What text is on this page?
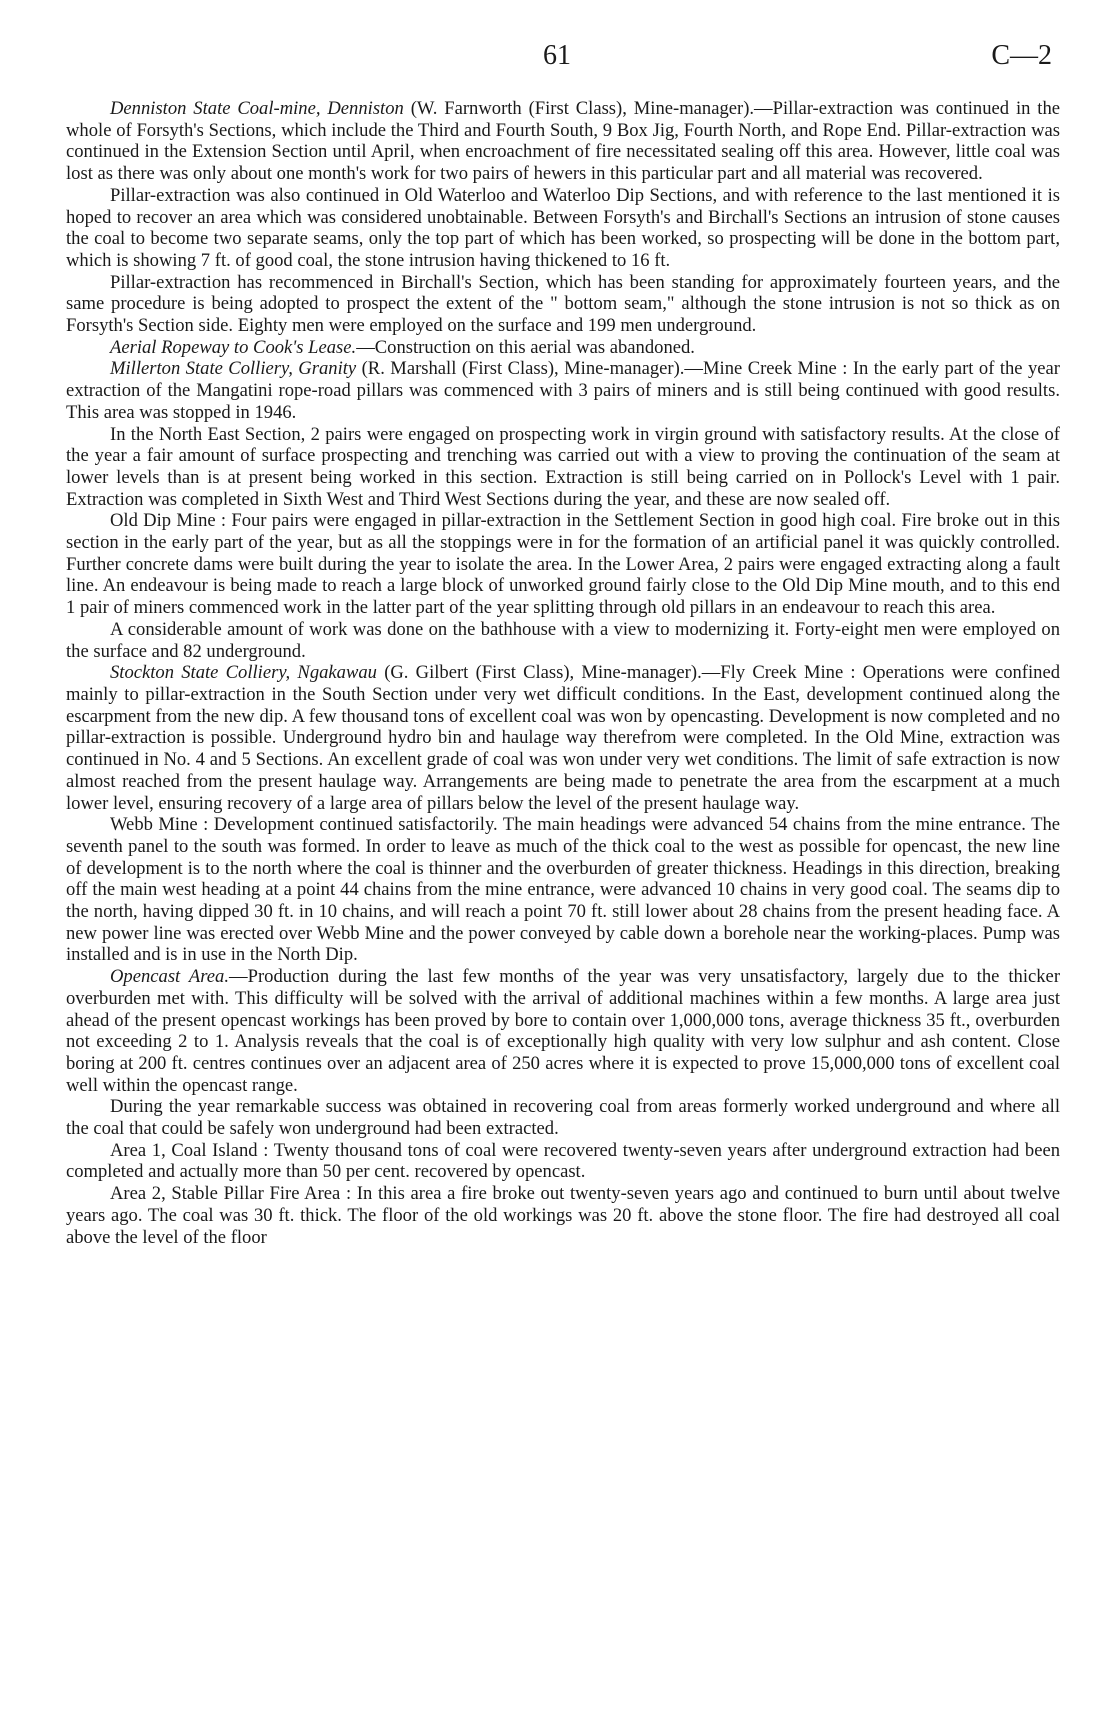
61	C—2

Denniston State Coal-mine, Denniston (W. Farnworth (First Class), Mine-manager).—Pillar-extraction was continued in the whole of Forsyth's Sections, which include the Third and Fourth South, 9 Box Jig, Fourth North, and Rope End. Pillar-extraction was continued in the Extension Section until April, when encroachment of fire necessitated sealing off this area. However, little coal was lost as there was only about one month's work for two pairs of hewers in this particular part and all material was recovered.

Pillar-extraction was also continued in Old Waterloo and Waterloo Dip Sections, and with reference to the last mentioned it is hoped to recover an area which was considered unobtainable. Between Forsyth's and Birchall's Sections an intrusion of stone causes the coal to become two separate seams, only the top part of which has been worked, so prospecting will be done in the bottom part, which is showing 7 ft. of good coal, the stone intrusion having thickened to 16 ft.

Pillar-extraction has recommenced in Birchall's Section, which has been standing for approximately fourteen years, and the same procedure is being adopted to prospect the extent of the " bottom seam," although the stone intrusion is not so thick as on Forsyth's Section side. Eighty men were employed on the surface and 199 men underground.

Aerial Ropeway to Cook's Lease.—Construction on this aerial was abandoned.

Millerton State Colliery, Granity (R. Marshall (First Class), Mine-manager).—Mine Creek Mine : In the early part of the year extraction of the Mangatini rope-road pillars was commenced with 3 pairs of miners and is still being continued with good results. This area was stopped in 1946.

In the North East Section, 2 pairs were engaged on prospecting work in virgin ground with satisfactory results. At the close of the year a fair amount of surface prospecting and trenching was carried out with a view to proving the continuation of the seam at lower levels than is at present being worked in this section. Extraction is still being carried on in Pollock's Level with 1 pair. Extraction was completed in Sixth West and Third West Sections during the year, and these are now sealed off.

Old Dip Mine : Four pairs were engaged in pillar-extraction in the Settlement Section in good high coal. Fire broke out in this section in the early part of the year, but as all the stoppings were in for the formation of an artificial panel it was quickly controlled. Further concrete dams were built during the year to isolate the area. In the Lower Area, 2 pairs were engaged extracting along a fault line. An endeavour is being made to reach a large block of unworked ground fairly close to the Old Dip Mine mouth, and to this end 1 pair of miners commenced work in the latter part of the year splitting through old pillars in an endeavour to reach this area.

A considerable amount of work was done on the bathhouse with a view to modernizing it. Forty-eight men were employed on the surface and 82 underground.

Stockton State Colliery, Ngakawau (G. Gilbert (First Class), Mine-manager).—Fly Creek Mine : Operations were confined mainly to pillar-extraction in the South Section under very wet difficult conditions. In the East, development continued along the escarpment from the new dip. A few thousand tons of excellent coal was won by opencasting. Development is now completed and no pillar-extraction is possible. Underground hydro bin and haulage way therefrom were completed. In the Old Mine, extraction was continued in No. 4 and 5 Sections. An excellent grade of coal was won under very wet conditions. The limit of safe extraction is now almost reached from the present haulage way. Arrangements are being made to penetrate the area from the escarpment at a much lower level, ensuring recovery of a large area of pillars below the level of the present haulage way.

Webb Mine : Development continued satisfactorily. The main headings were advanced 54 chains from the mine entrance. The seventh panel to the south was formed. In order to leave as much of the thick coal to the west as possible for opencast, the new line of development is to the north where the coal is thinner and the overburden of greater thickness. Headings in this direction, breaking off the main west heading at a point 44 chains from the mine entrance, were advanced 10 chains in very good coal. The seams dip to the north, having dipped 30 ft. in 10 chains, and will reach a point 70 ft. still lower about 28 chains from the present heading face. A new power line was erected over Webb Mine and the power conveyed by cable down a borehole near the working-places. Pump was installed and is in use in the North Dip.

Opencast Area.—Production during the last few months of the year was very unsatisfactory, largely due to the thicker overburden met with. This difficulty will be solved with the arrival of additional machines within a few months. A large area just ahead of the present opencast workings has been proved by bore to contain over 1,000,000 tons, average thickness 35 ft., overburden not exceeding 2 to 1. Analysis reveals that the coal is of exceptionally high quality with very low sulphur and ash content. Close boring at 200 ft. centres continues over an adjacent area of 250 acres where it is expected to prove 15,000,000 tons of excellent coal well within the opencast range.

During the year remarkable success was obtained in recovering coal from areas formerly worked underground and where all the coal that could be safely won underground had been extracted.

Area 1, Coal Island : Twenty thousand tons of coal were recovered twenty-seven years after underground extraction had been completed and actually more than 50 per cent. recovered by opencast.

Area 2, Stable Pillar Fire Area : In this area a fire broke out twenty-seven years ago and continued to burn until about twelve years ago. The coal was 30 ft. thick. The floor of the old workings was 20 ft. above the stone floor. The fire had destroyed all coal above the level of the floor
